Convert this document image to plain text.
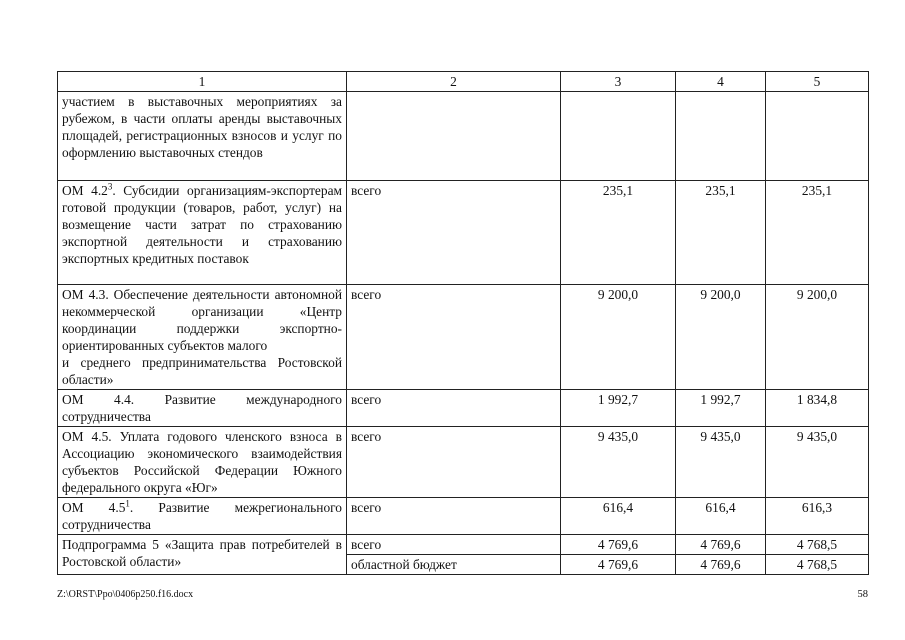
1	2	3	4	5
участием в выставочных мероприятиях за рубежом, в части оплаты аренды выставочных площадей, регистрационных взносов и услуг по оформлению выставочных стендов				
ОМ $4.2^3$. Субсидии организациям-экспортерам готовой продукции (товаров, работ, услуг) на возмещение части затрат по страхованию экспортной деятельности и страхованию экспортных кредитных поставок	всего	235,1	235,1	235,1
ОМ 4.3. Обеспечение деятельности автономной некоммерческой организации «Центр координации поддержки экспортно-ориентированных субъектов малого
и среднего предпринимательства Ростовской области»	всего	9 200,0	9 200,0	9 200,0
ОМ 4.4. Развитие международного сотрудничества	всего	1 992,7	1 992,7	1 834,8
ОМ 4.5. Уплата годового членского взноса в Ассоциацию экономического взаимодействия субъектов Российской Федерации Южного федерального округа «Юг»	всего	9 435,0	9 435,0	9 435,0
ОМ $4.5^1$. Развитие межрегионального сотрудничества	всего	616,4	616,4	616,3
Подпрограмма 5 «Защита прав потребителей в Ростовской области»	всего	4 769,6	4 769,6	4 768,5
	областной бюджет	4 769,6	4 769,6	4 768,5
Z:\ORST\Ppo\0406p250.f16.docx	58
